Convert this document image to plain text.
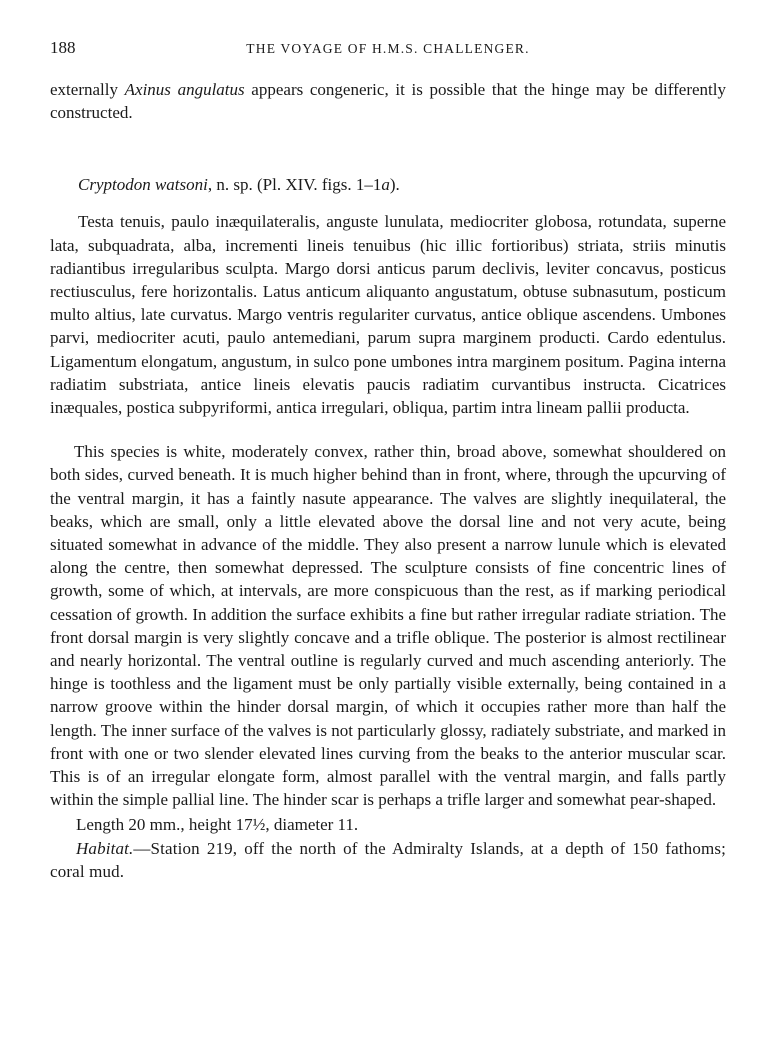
188	THE VOYAGE OF H.M.S. CHALLENGER.

externally Axinus angulatus appears congeneric, it is possible that the hinge may be differently constructed.

Cryptodon watsoni, n. sp. (Pl. XIV. figs. 1–1a).

Testa tenuis, paulo inæquilateralis, anguste lunulata, mediocriter globosa, rotundata, superne lata, subquadrata, alba, incrementi lineis tenuibus (hic illic fortioribus) striata, striis minutis radiantibus irregularibus sculpta. Margo dorsi anticus parum declivis, leviter concavus, posticus rectiusculus, fere horizontalis. Latus anticum aliquanto angustatum, obtuse subnasutum, posticum multo altius, late curvatus. Margo ventris regulariter curvatus, antice oblique ascendens. Umbones parvi, mediocriter acuti, paulo antemediani, parum supra marginem producti. Cardo edentulus. Ligamentum elongatum, angustum, in sulco pone umbones intra marginem positum. Pagina interna radiatim substriata, antice lineis elevatis paucis radiatim curvantibus instructa. Cicatrices inæquales, postica subpyriformi, antica irregulari, obliqua, partim intra lineam pallii producta.

This species is white, moderately convex, rather thin, broad above, somewhat shouldered on both sides, curved beneath. It is much higher behind than in front, where, through the upcurving of the ventral margin, it has a faintly nasute appearance. The valves are slightly inequilateral, the beaks, which are small, only a little elevated above the dorsal line and not very acute, being situated somewhat in advance of the middle. They also present a narrow lunule which is elevated along the centre, then somewhat depressed. The sculpture consists of fine concentric lines of growth, some of which, at intervals, are more conspicuous than the rest, as if marking periodical cessation of growth. In addition the surface exhibits a fine but rather irregular radiate striation. The front dorsal margin is very slightly concave and a trifle oblique. The posterior is almost rectilinear and nearly horizontal. The ventral outline is regularly curved and much ascending anteriorly. The hinge is toothless and the ligament must be only partially visible externally, being contained in a narrow groove within the hinder dorsal margin, of which it occupies rather more than half the length. The inner surface of the valves is not particularly glossy, radiately substriate, and marked in front with one or two slender elevated lines curving from the beaks to the anterior muscular scar. This is of an irregular elongate form, almost parallel with the ventral margin, and falls partly within the simple pallial line. The hinder scar is perhaps a trifle larger and somewhat pear-shaped.

Length 20 mm., height 17½, diameter 11.

Habitat.—Station 219, off the north of the Admiralty Islands, at a depth of 150 fathoms; coral mud.
